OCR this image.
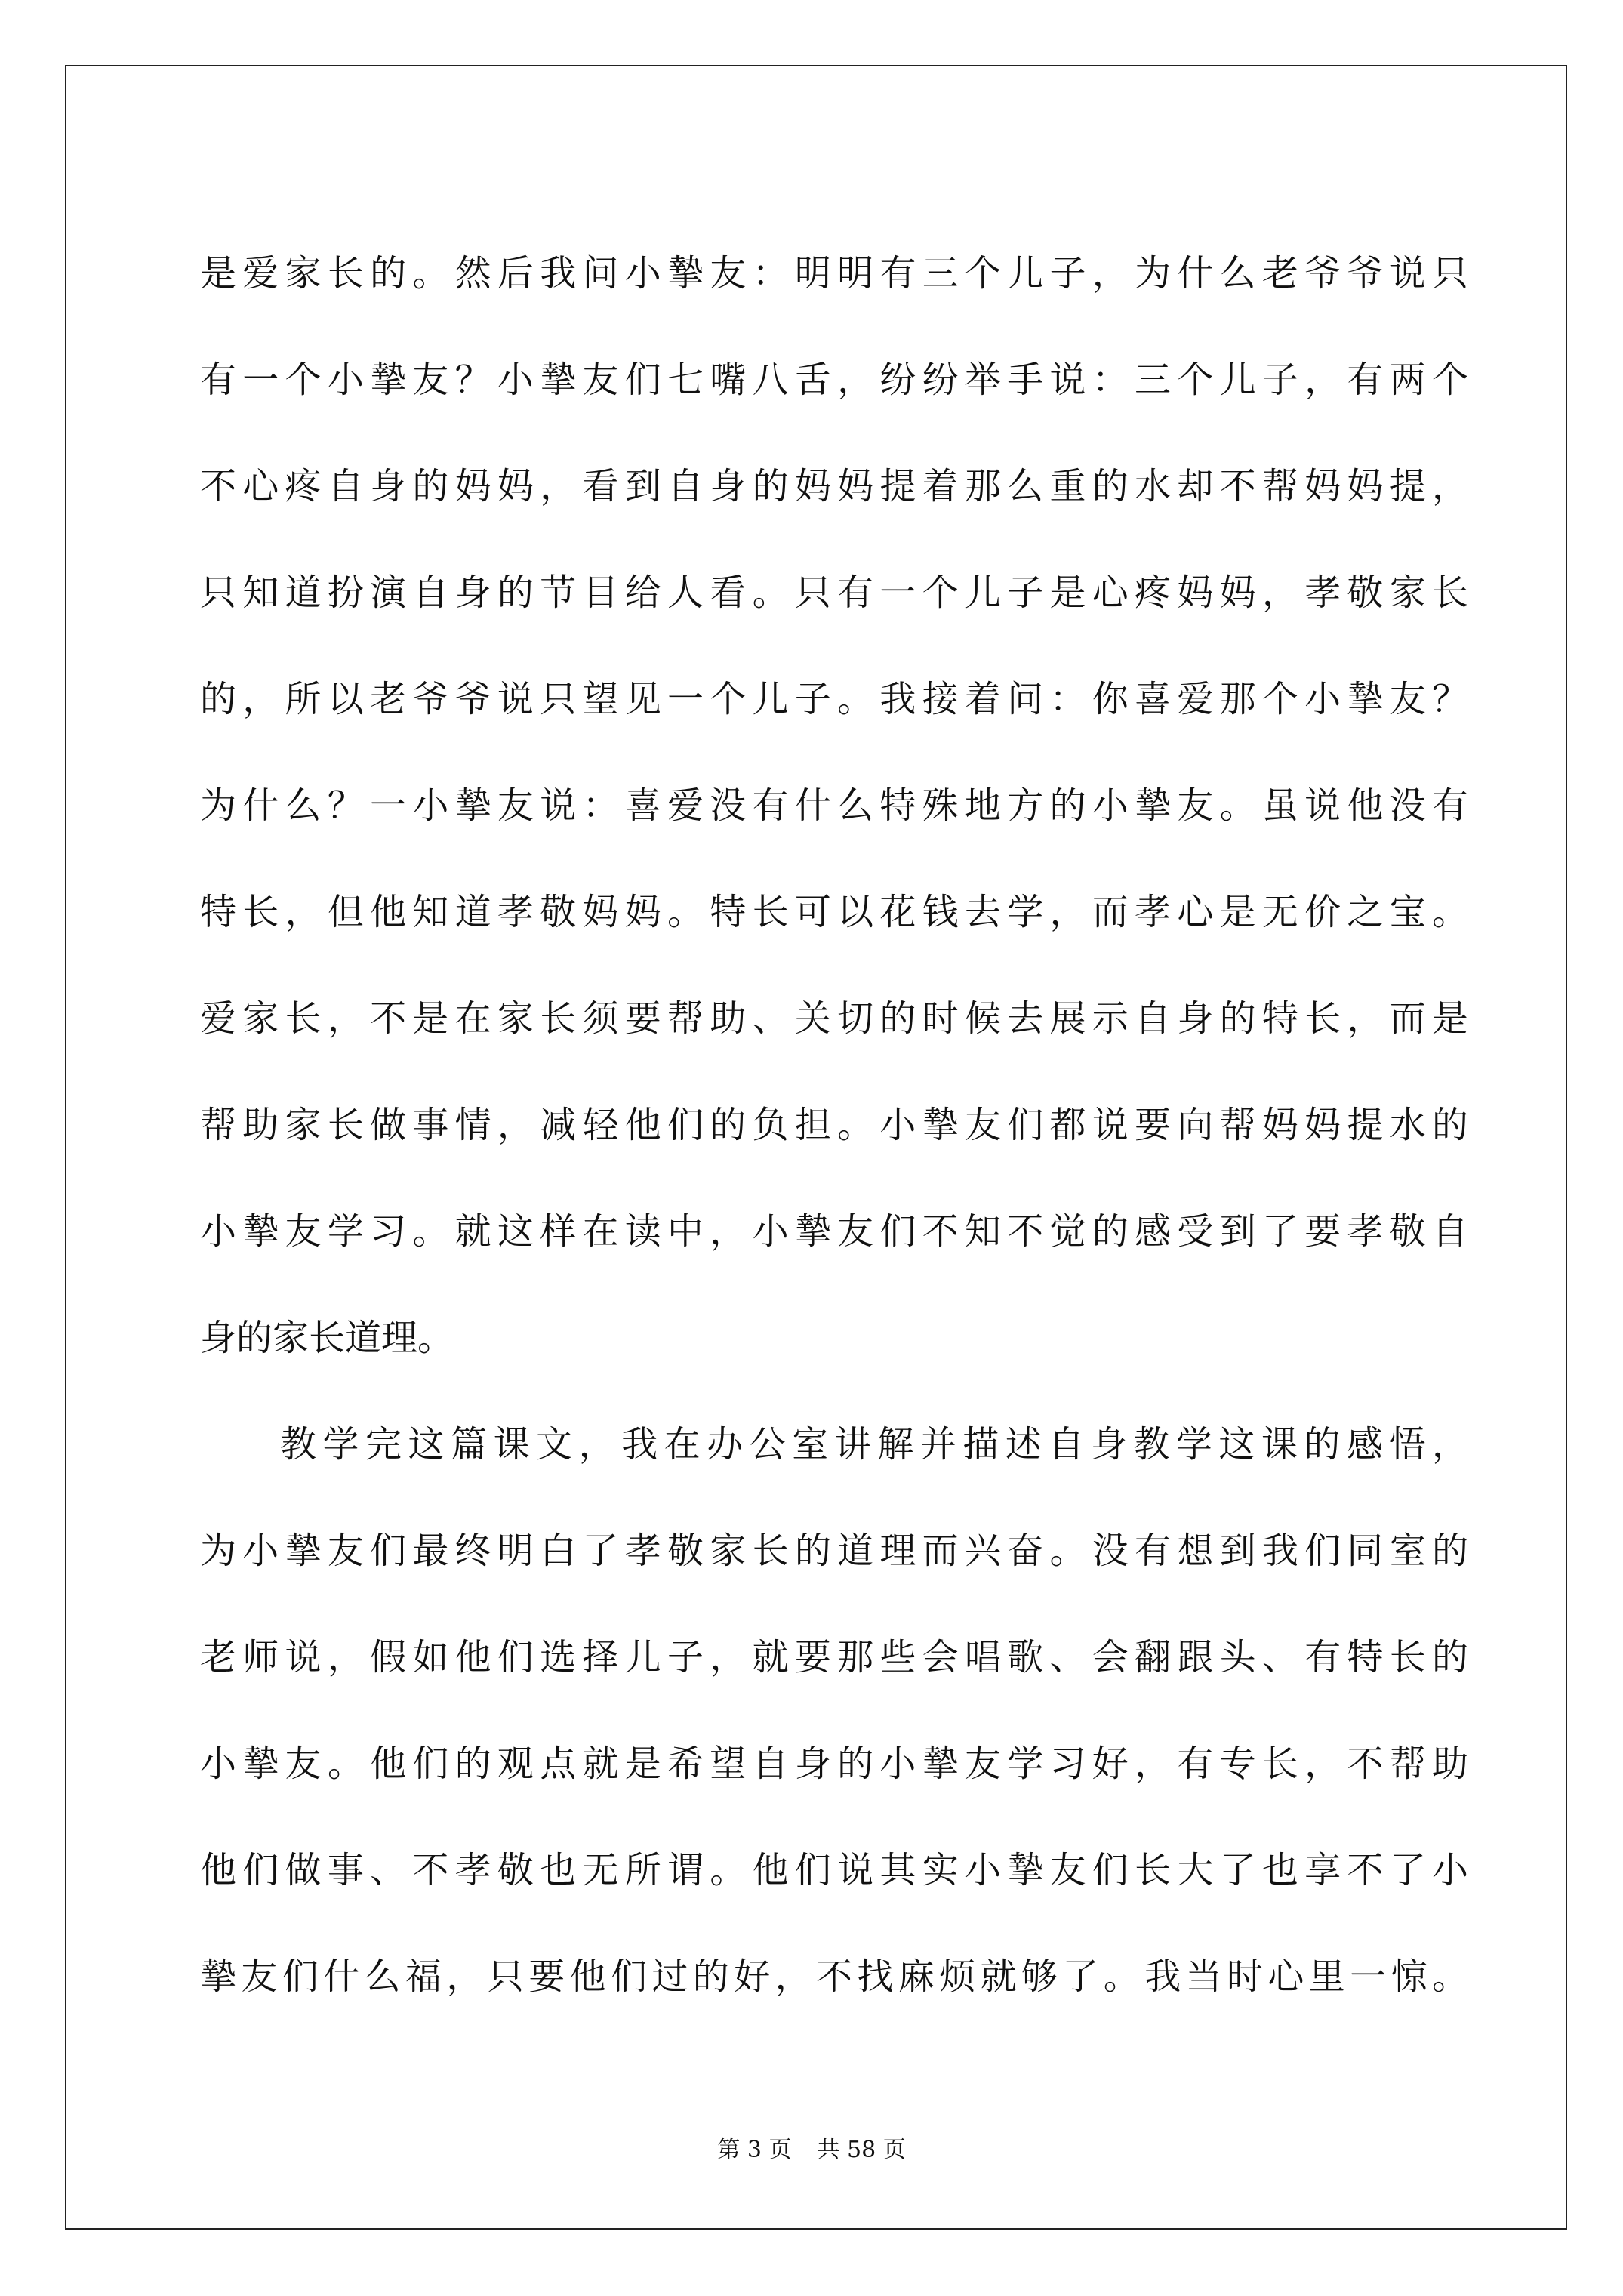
是爱家长的。然后我问小摯友：明明有三个儿子，为什么老爷爷说只
有一个小摯友？小摯友们七嘴八舌，纷纷举手说：三个儿子，有两个
不心疼自身的妈妈，看到自身的妈妈提着那么重的水却不帮妈妈提，
只知道扮演自身的节目给人看。只有一个儿子是心疼妈妈，孝敬家长
的，所以老爷爷说只望见一个儿子。我接着问：你喜爱那个小摯友？
为什么？一小摯友说：喜爱没有什么特殊地方的小摯友。虽说他没有
特长，但他知道孝敬妈妈。特长可以花钱去学，而孝心是无价之宝。
爱家长，不是在家长须要帮助、关切的时候去展示自身的特长，而是
帮助家长做事情，减轻他们的负担。小摯友们都说要向帮妈妈提水的
小摯友学习。就这样在读中，小摯友们不知不觉的感受到了要孝敬自
身的家长道理。
教学完这篇课文，我在办公室讲解并描述自身教学这课的感悟，
为小摯友们最终明白了孝敬家长的道理而兴奋。没有想到我们同室的
老师说，假如他们选择儿子，就要那些会唱歌、会翻跟头、有特长的
小摯友。他们的观点就是希望自身的小摯友学习好，有专长，不帮助
他们做事、不孝敬也无所谓。他们说其实小摯友们长大了也享不了小
摯友们什么福，只要他们过的好，不找麻烦就够了。我当时心里一惊。
第 3 页 共 58 页
